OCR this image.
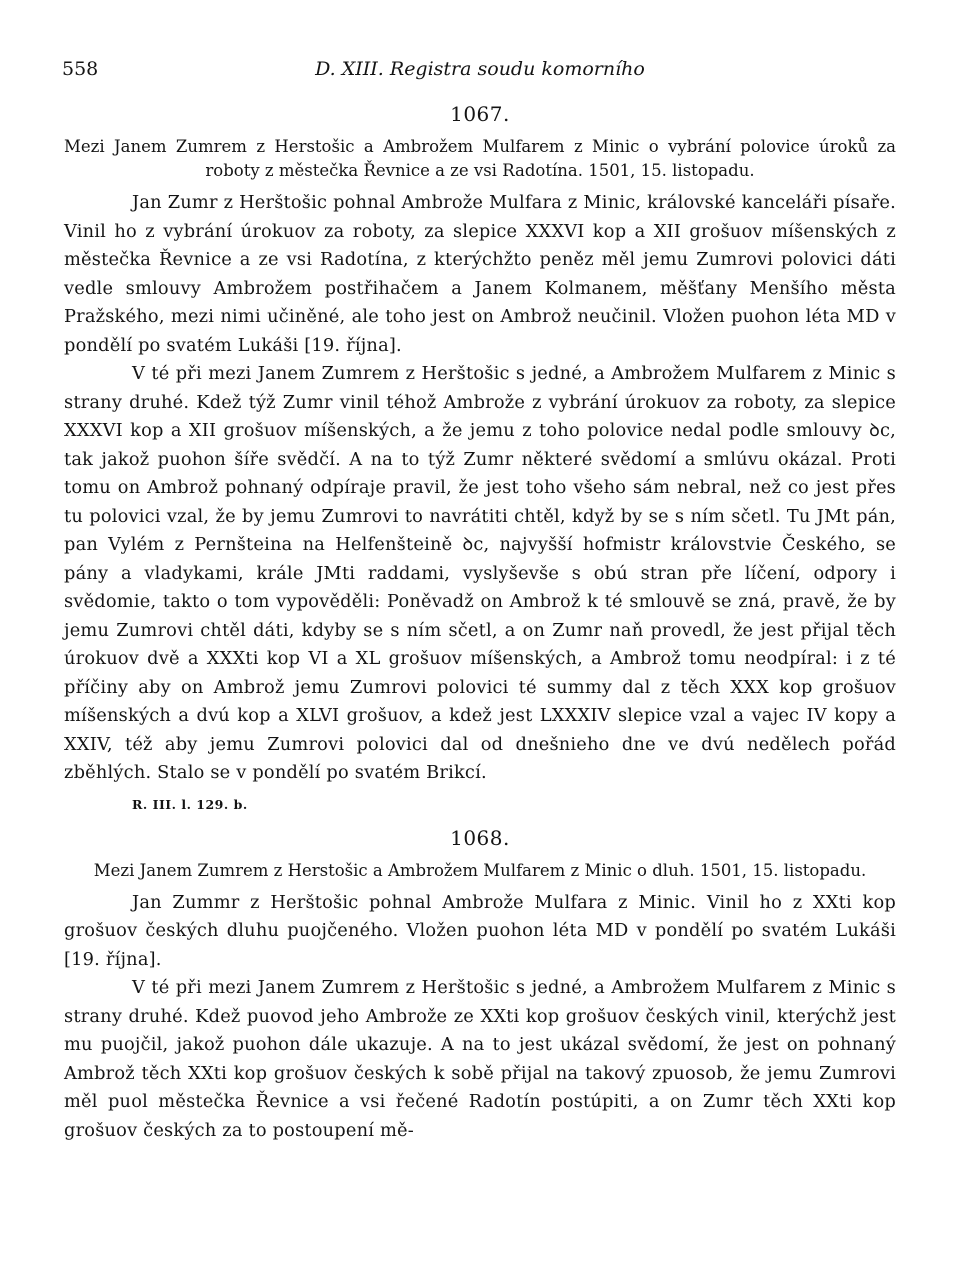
558	D. XIII. Registra soudu komorního
1067.

Mezi Janem Zumrem z Herstošic a Ambrožem Mulfarem z Minic o vybrání polovice úroků za roboty z městečka Řevnice a ze vsi Radotína. 1501, 15. listopadu.

Jan Zumr z Herštošic pohnal Ambrože Mulfara z Minic, královské kanceláři písaře. Vinil ho z vybrání úrokuov za roboty, za slepice XXXVI kop a XII grošuov míšenských z městečka Řevnice a ze vsi Radotína, z kterýchžto peněz měl jemu Zumrovi polovici dáti vedle smlouvy Ambrožem postřihačem a Janem Kolmanem, měšťany Menšího města Pražského, mezi nimi učiněné, ale toho jest on Ambrož neučinil. Vložen puohon léta MD v pondělí po svatém Lukáši [19. října].

V té při mezi Janem Zumrem z Herštošic s jedné, a Ambrožem Mulfarem z Minic s strany druhé. Kdež týž Zumr vinil téhož Ambrože z vybrání úrokuov za roboty, za slepice XXXVI kop a XII grošuov míšenských, a že jemu z toho polovice nedal podle smlouvy ꝺc, tak jakož puohon šíře svědčí. A na to týž Zumr některé svědomí a smlúvu okázal. Proti tomu on Ambrož pohnaný odpíraje pravil, že jest toho všeho sám nebral, než co jest přes tu polovici vzal, že by jemu Zumrovi to navrátiti chtěl, když by se s ním sčetl. Tu JMt pán, pan Vylém z Pernšteina na Helfenšteině ꝺc, najvyšší hofmistr královstvie Českého, se pány a vladykami, krále JMti raddami, vyslyševše s obú stran pře líčení, odpory i svědomie, takto o tom vypověděli: Poněvadž on Ambrož k té smlouvě se zná, pravě, že by jemu Zumrovi chtěl dáti, kdyby se s ním sčetl, a on Zumr naň provedl, že jest přijal těch úrokuov dvě a XXXti kop VI a XL grošuov míšenských, a Ambrož tomu neodpíral: i z té příčiny aby on Ambrož jemu Zumrovi polovici té summy dal z těch XXX kop grošuov míšenských a dvú kop a XLVI grošuov, a kdež jest LXXXIV slepice vzal a vajec IV kopy a XXIV, též aby jemu Zumrovi polovici dal od dnešnieho dne ve dvú nedělech pořád zběhlých. Stalo se v pondělí po svatém Brikcí.

R. III. l. 129. b.
1068.

Mezi Janem Zumrem z Herstošic a Ambrožem Mulfarem z Minic o dluh. 1501, 15. listopadu.

Jan Zummr z Herštošic pohnal Ambrože Mulfara z Minic. Vinil ho z XXti kop grošuov českých dluhu puojčeného. Vložen puohon léta MD v pondělí po svatém Lukáši [19. října].

V té při mezi Janem Zumrem z Herštošic s jedné, a Ambrožem Mulfarem z Minic s strany druhé. Kdež puovod jeho Ambrože ze XXti kop grošuov českých vinil, kterýchž jest mu puojčil, jakož puohon dále ukazuje. A na to jest ukázal svědomí, že jest on pohnaný Ambrož těch XXti kop grošuov českých k sobě přijal na takový zpuosob, že jemu Zumrovi měl puol městečka Řevnice a vsi řečené Radotín postúpiti, a on Zumr těch XXti kop grošuov českých za to postoupení mě-
